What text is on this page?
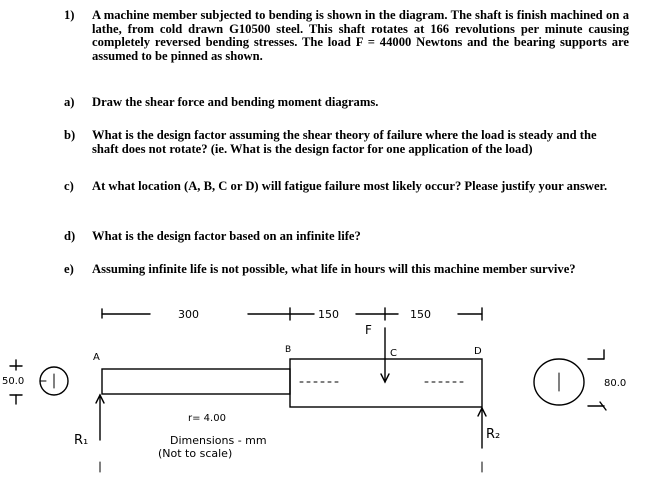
1) A machine member subjected to bending is shown in the diagram. The shaft is finish machined on a lathe, from cold drawn G10500 steel. This shaft rotates at 166 revolutions per minute causing completely reversed bending stresses. The load F = 44000 Newtons and the bearing supports are assumed to be pinned as shown.
a) Draw the shear force and bending moment diagrams.
b) What is the design factor assuming the shear theory of failure where the load is steady and the shaft does not rotate? (ie. What is the design factor for one application of the load)
c) At what location (A, B, C or D) will fatigue failure most likely occur? Please justify your answer.
d) What is the design factor based on an infinite life?
e) Assuming infinite life is not possible, what life in hours will this machine member survive?
300	150	150
F
A
B	C	D
50.0	80.0
r= 4.00
Dimensions - mm
(Not to scale)
R₁	R₂
